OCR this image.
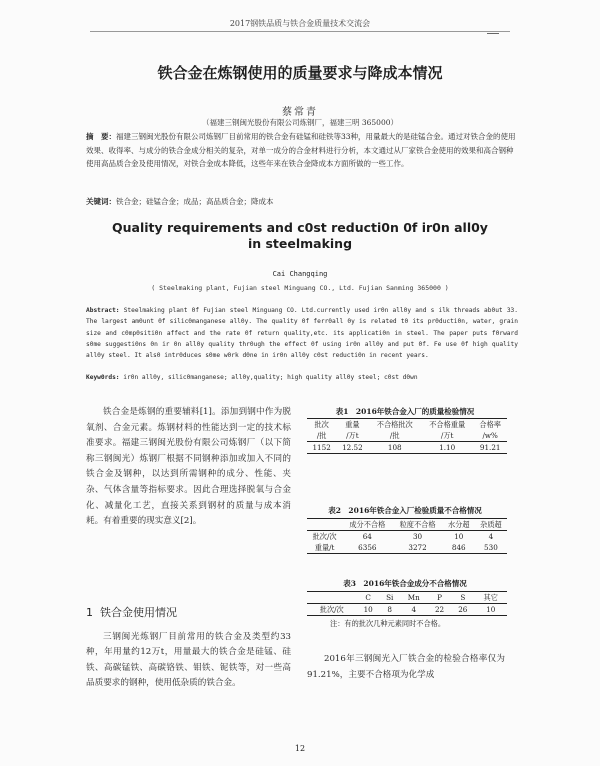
2017钢铁品质与铁合金质量技术交流会
铁合金在炼钢使用的质量要求与降成本情况
蔡常青
（福建三钢闽光股份有限公司炼钢厂，福建三明 365000）
摘　要：福建三钢闽光股份有限公司炼钢厂目前常用的铁合金有硅锰和硅铁等33种，用量最大的是硅锰合金。通过对铁合金的使用效果、收得率、与成分的铁合金成分相关的复杂，对单一成分的合金材料进行分析，本文通过从厂家铁合金使用的效果和高合钢种使用高品质合金及使用情况，对铁合金成本降低，这些年来在铁合金降成本方面所做的一些工作。
关键词：铁合金；硅锰合金；成品；高品质合金；降成本
Quality requirements and c0st reducti0n 0f ir0n all0y
in steelmaking
Cai Changqing
( Steelmaking plant, Fujian steel Minguang CO., Ltd. Fujian Sanming 365000 )
Abstract: Steelmaking plant 0f Fujian steel Minguang CO. Ltd.currently used ir0n all0y and s ilk threads ab0ut 33. The largest am0unt 0f silic0manganese all0y. The quality 0f ferr0all 0y is related t0 its pr0ducti0n, water, grain size and c0mp0siti0n affect and the rate 0f return quality,etc. its applicati0n in steel. The paper puts f0rward s0me suggesti0ns 0n ir 0n all0y quality thr0ugh the effect 0f using ir0n all0y and put 0f. Fe use 0f high quality all0y steel. It als0 intr0duces s0me w0rk d0ne in ir0n all0y c0st reducti0n in recent years.
Keyw0rds: ir0n all0y, silic0manganese; all0y,quality; high quality all0y steel; c0st d0wn
铁合金是炼钢的重要辅料[1]。添加到钢中作为脱氧剂、合金元素。炼钢材料的性能达到一定的技术标准要求。福建三钢闽光股份有限公司炼钢厂（以下简称三钢闽光）炼钢厂根据不同钢种添加或加入不同的铁合金及钢种，以达到所需钢种的成分、性能、夹杂、气体含量等指标要求。因此合理选择脱氧与合金化、减量化工艺，直接关系到钢材的质量与成本消耗。有着重要的现实意义[2]。
1 铁合金使用情况
三钢闽光炼钢厂目前常用的铁合金及类型约33种，年用量约12万t，用量最大的铁合金是硅锰、硅铁、高碳锰铁、高碳铬铁、钼铁、铌铁等，对一些高品质要求的钢种，使用低杂质的铁合金。
表1　2016年铁合金入厂的质量检验情况
批次	重量	不合格批次	不合格重量	合格率
/批	/万t	/批	/万t	/w%
1152	12.52	108	1.10	91.21
表2　2016年铁合金入厂检验质量不合格情况
	成分不合格	粒度不合格	水分超	杂质超
批次/次	64	30	10	4
重量/t	6356	3272	846	530
表3　2016年铁合金成分不合格情况
	C	Si	Mn	P	S	其它
批次/次	10	8	4	22	26	10
注：有的批次几种元素同时不合格。
2016年三钢闽光入厂铁合金的检验合格率仅为91.21%，主要不合格项为化学成
12
